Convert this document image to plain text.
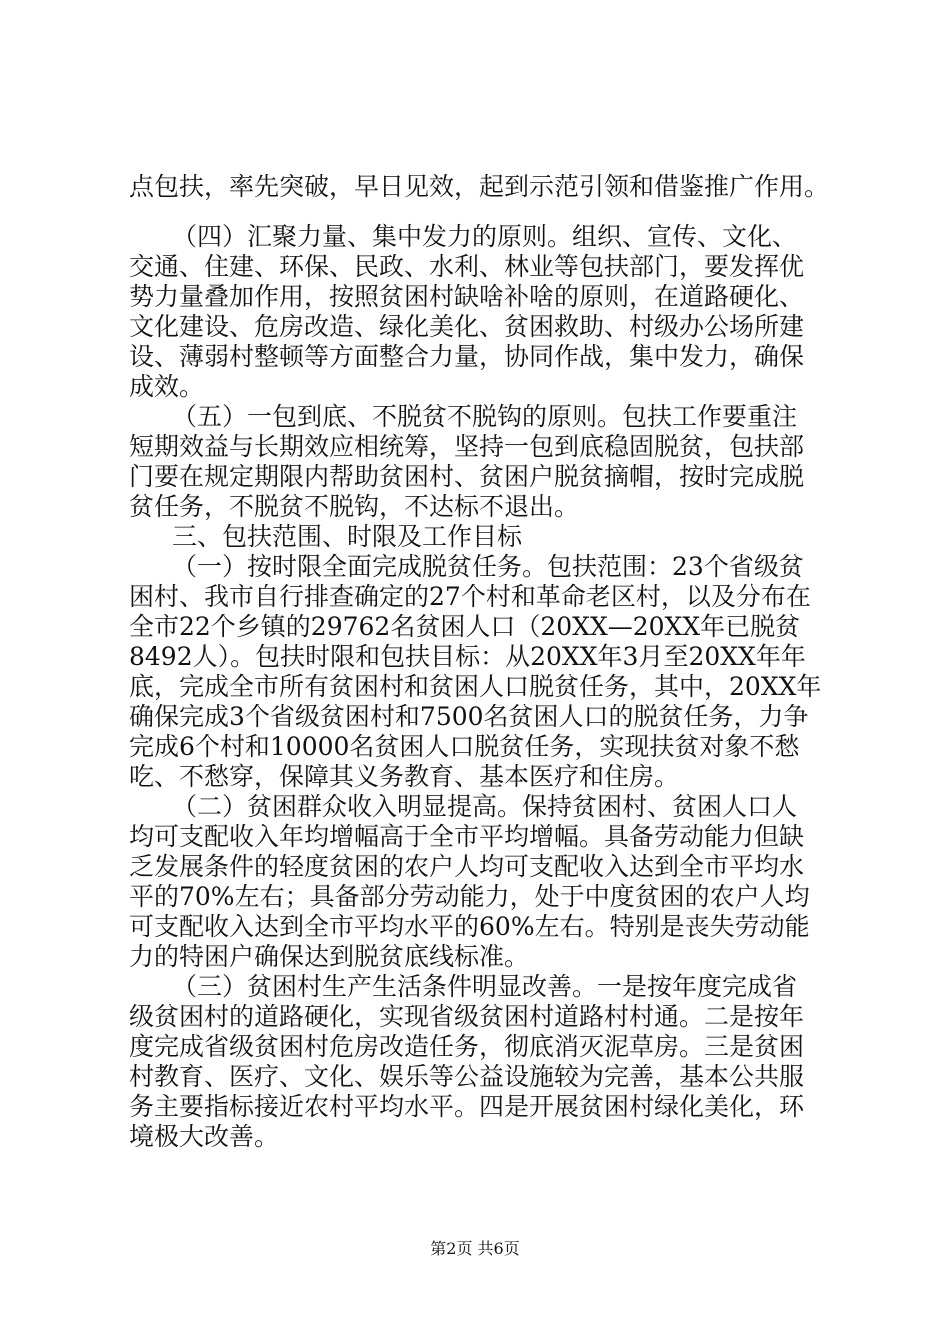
点包扶，率先突破，早日见效，起到示范引领和借鉴推广作用。
（四）汇聚力量、集中发力的原则。组织、宣传、文化、
交通、住建、环保、民政、水利、林业等包扶部门，要发挥优
势力量叠加作用，按照贫困村缺啥补啥的原则，在道路硬化、
文化建设、危房改造、绿化美化、贫困救助、村级办公场所建
设、薄弱村整顿等方面整合力量，协同作战，集中发力，确保
成效。
（五）一包到底、不脱贫不脱钩的原则。包扶工作要重注
短期效益与长期效应相统筹，坚持一包到底稳固脱贫，包扶部
门要在规定期限内帮助贫困村、贫困户脱贫摘帽，按时完成脱
贫任务，不脱贫不脱钩，不达标不退出。
三、包扶范围、时限及工作目标
（一）按时限全面完成脱贫任务。包扶范围：23个省级贫
困村、我市自行排查确定的27个村和革命老区村，以及分布在
全市22个乡镇的29762名贫困人口（20XX—20XX年已脱贫
8492人）。包扶时限和包扶目标：从20XX年3月至20XX年年
底，完成全市所有贫困村和贫困人口脱贫任务，其中，20XX年
确保完成3个省级贫困村和7500名贫困人口的脱贫任务，力争
完成6个村和10000名贫困人口脱贫任务，实现扶贫对象不愁
吃、不愁穿，保障其义务教育、基本医疗和住房。
（二）贫困群众收入明显提高。保持贫困村、贫困人口人
均可支配收入年均增幅高于全市平均增幅。具备劳动能力但缺
乏发展条件的轻度贫困的农户人均可支配收入达到全市平均水
平的70%左右；具备部分劳动能力，处于中度贫困的农户人均
可支配收入达到全市平均水平的60%左右。特别是丧失劳动能
力的特困户确保达到脱贫底线标准。
（三）贫困村生产生活条件明显改善。一是按年度完成省
级贫困村的道路硬化，实现省级贫困村道路村村通。二是按年
度完成省级贫困村危房改造任务，彻底消灭泥草房。三是贫困
村教育、医疗、文化、娱乐等公益设施较为完善，基本公共服
务主要指标接近农村平均水平。四是开展贫困村绿化美化，环
境极大改善。
第2页 共6页
